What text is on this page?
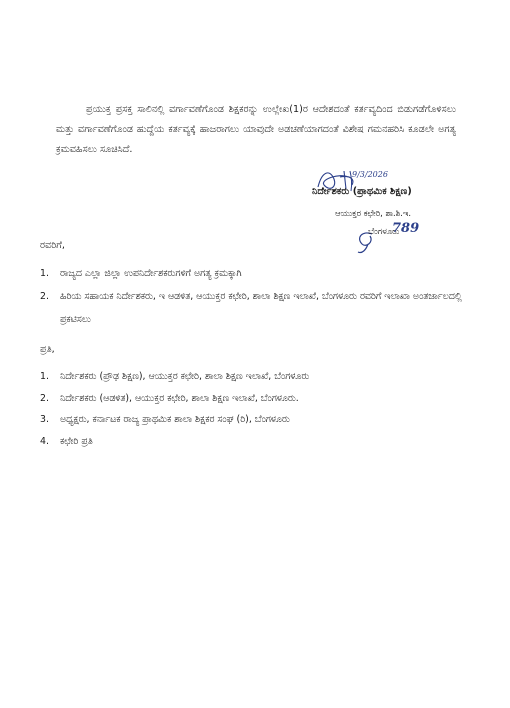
ಪ್ರಯುಕ್ತ ಪ್ರಸಕ್ತ ಸಾಲಿನಲ್ಲಿ ವರ್ಗಾವಣೆಗೊಂಡ ಶಿಕ್ಷಕರನ್ನು ಉಲ್ಲೇಖ(1)ರ ಆದೇಶದಂತೆ ಕರ್ತವ್ಯದಿಂದ ಬಿಡುಗಡೆಗೊಳಿಸಲು ಮತ್ತು ವರ್ಗಾವಣೆಗೊಂಡ ಹುದ್ದೆಯ ಕರ್ತವ್ಯಕ್ಕೆ ಹಾಜರಾಗಲು ಯಾವುದೇ ಅಡಚಣೆಯಾಗದಂತೆ ವಿಶೇಷ ಗಮನಹರಿಸಿ ಕೂಡಲೇ ಅಗತ್ಯ ಕ್ರಮವಹಿಸಲು ಸೂಚಿಸಿದೆ.

9/3/2026
ನಿರ್ದೇಶಕರು (ಪ್ರಾಥಮಿಕ ಶಿಕ್ಷಣ)
ಆಯುಕ್ತರ ಕಛೇರಿ, ಶಾ.ಶಿ.ಇ.
ಬೆಂಗಳೂರು
789
ರವರಿಗೆ,
1. ರಾಜ್ಯದ ಎಲ್ಲಾ ಜಿಲ್ಲಾ ಉಪನಿರ್ದೇಶಕರುಗಳಿಗೆ ಅಗತ್ಯ ಕ್ರಮಕ್ಕಾಗಿ
2. ಹಿರಿಯ ಸಹಾಯಕ ನಿರ್ದೇಶಕರು, ಇ ಆಡಳಿತ, ಆಯುಕ್ತರ ಕಛೇರಿ, ಶಾಲಾ ಶಿಕ್ಷಣ ಇಲಾಖೆ, ಬೆಂಗಳೂರು ರವರಿಗೆ ಇಲಾಖಾ ಅಂತರ್ಜಾಲದಲ್ಲಿ ಪ್ರಕಟಿಸಲು
ಪ್ರತಿ,
1. ನಿರ್ದೇಶಕರು (ಪ್ರೌಢ ಶಿಕ್ಷಣ), ಆಯುಕ್ತರ ಕಛೇರಿ, ಶಾಲಾ ಶಿಕ್ಷಣ ಇಲಾಖೆ, ಬೆಂಗಳೂರು
2. ನಿರ್ದೇಶಕರು (ಆಡಳಿತ), ಆಯುಕ್ತರ ಕಛೇರಿ, ಶಾಲಾ ಶಿಕ್ಷಣ ಇಲಾಖೆ, ಬೆಂಗಳೂರು.
3. ಅಧ್ಯಕ್ಷರು, ಕರ್ನಾಟಕ ರಾಜ್ಯ ಪ್ರಾಥಮಿಕ ಶಾಲಾ ಶಿಕ್ಷಕರ ಸಂಘ (ರಿ), ಬೆಂಗಳೂರು
4. ಕಛೇರಿ ಪ್ರತಿ
